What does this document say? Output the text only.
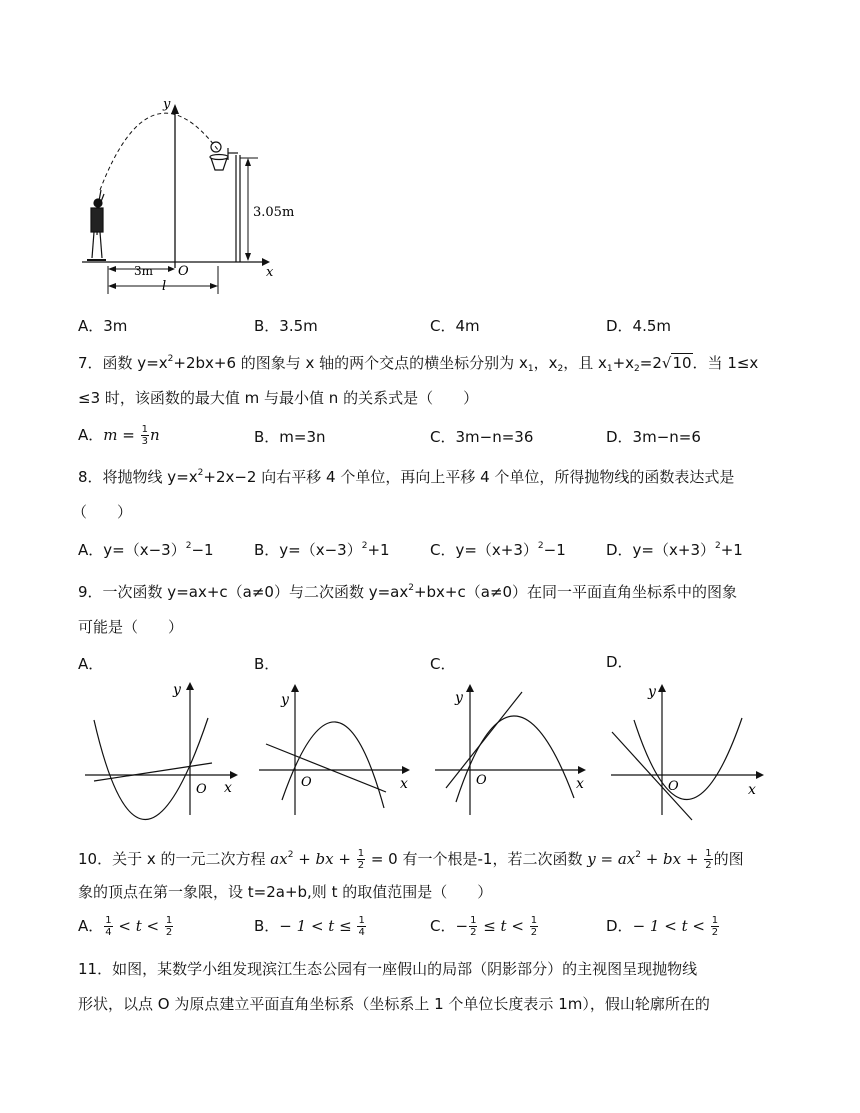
y
x
O
3.05m
3m
l
A．3m	B．3.5m	C．4m	D．4.5m
7．函数 $y=x^2+2bx+6$ 的图象与 x 轴的两个交点的横坐标分别为 $x_1$，$x_2$，且 $x_1+x_2=2√10$．当 1≤x
≤3 时，该函数的最大值 m 与最小值 n 的关系式是（　　）
A．$m = \frac{1}{3}$ n	B．m=3n	C．3m−n=36	D．3m−n=6
8．将抛物线 $y=x^2+2x-2$ 向右平移 4 个单位，再向上平移 4 个单位，所得抛物线的函数表达式是
（　　）
A．$y=(x-3)^2-1$	B．$y=(x-3)^2+1$	C．$y=(x+3)^2-1$	D．$y=(x+3)^2+1$
9．一次函数 y=ax+c（a≠0）与二次函数 $y=ax^2+bx+c(a\ne 0)$在同一平面直角坐标系中的图象
可能是（　　）
A．	B．	C．	D．
y
x
O
y
x
O
y
x
O
y
x
O
10．关于 x 的一元二次方程 $ax^2$ + bx + $\frac{1}{2} = 0$ 有一个根是-1，若二次函数 $y = ax^2$ + bx + $\frac{1}{2}$ 的图
象的顶点在第一象限，设 t=2a+b,则 t 的取值范围是（　　）
A． $\frac{1}{4} < t < \frac{1}{2}$	B．− $1 < t \le \frac{1}{4}$	C．− $\frac{1}{2} \le t < \frac{1}{2}$	D．− $1 < t < \frac{1}{2}$
11．如图，某数学小组发现滨江生态公园有一座假山的局部（阴影部分）的主视图呈现抛物线
形状，以点 O 为原点建立平面直角坐标系（坐标系上 1 个单位长度表示 1m），假山轮廓所在的
